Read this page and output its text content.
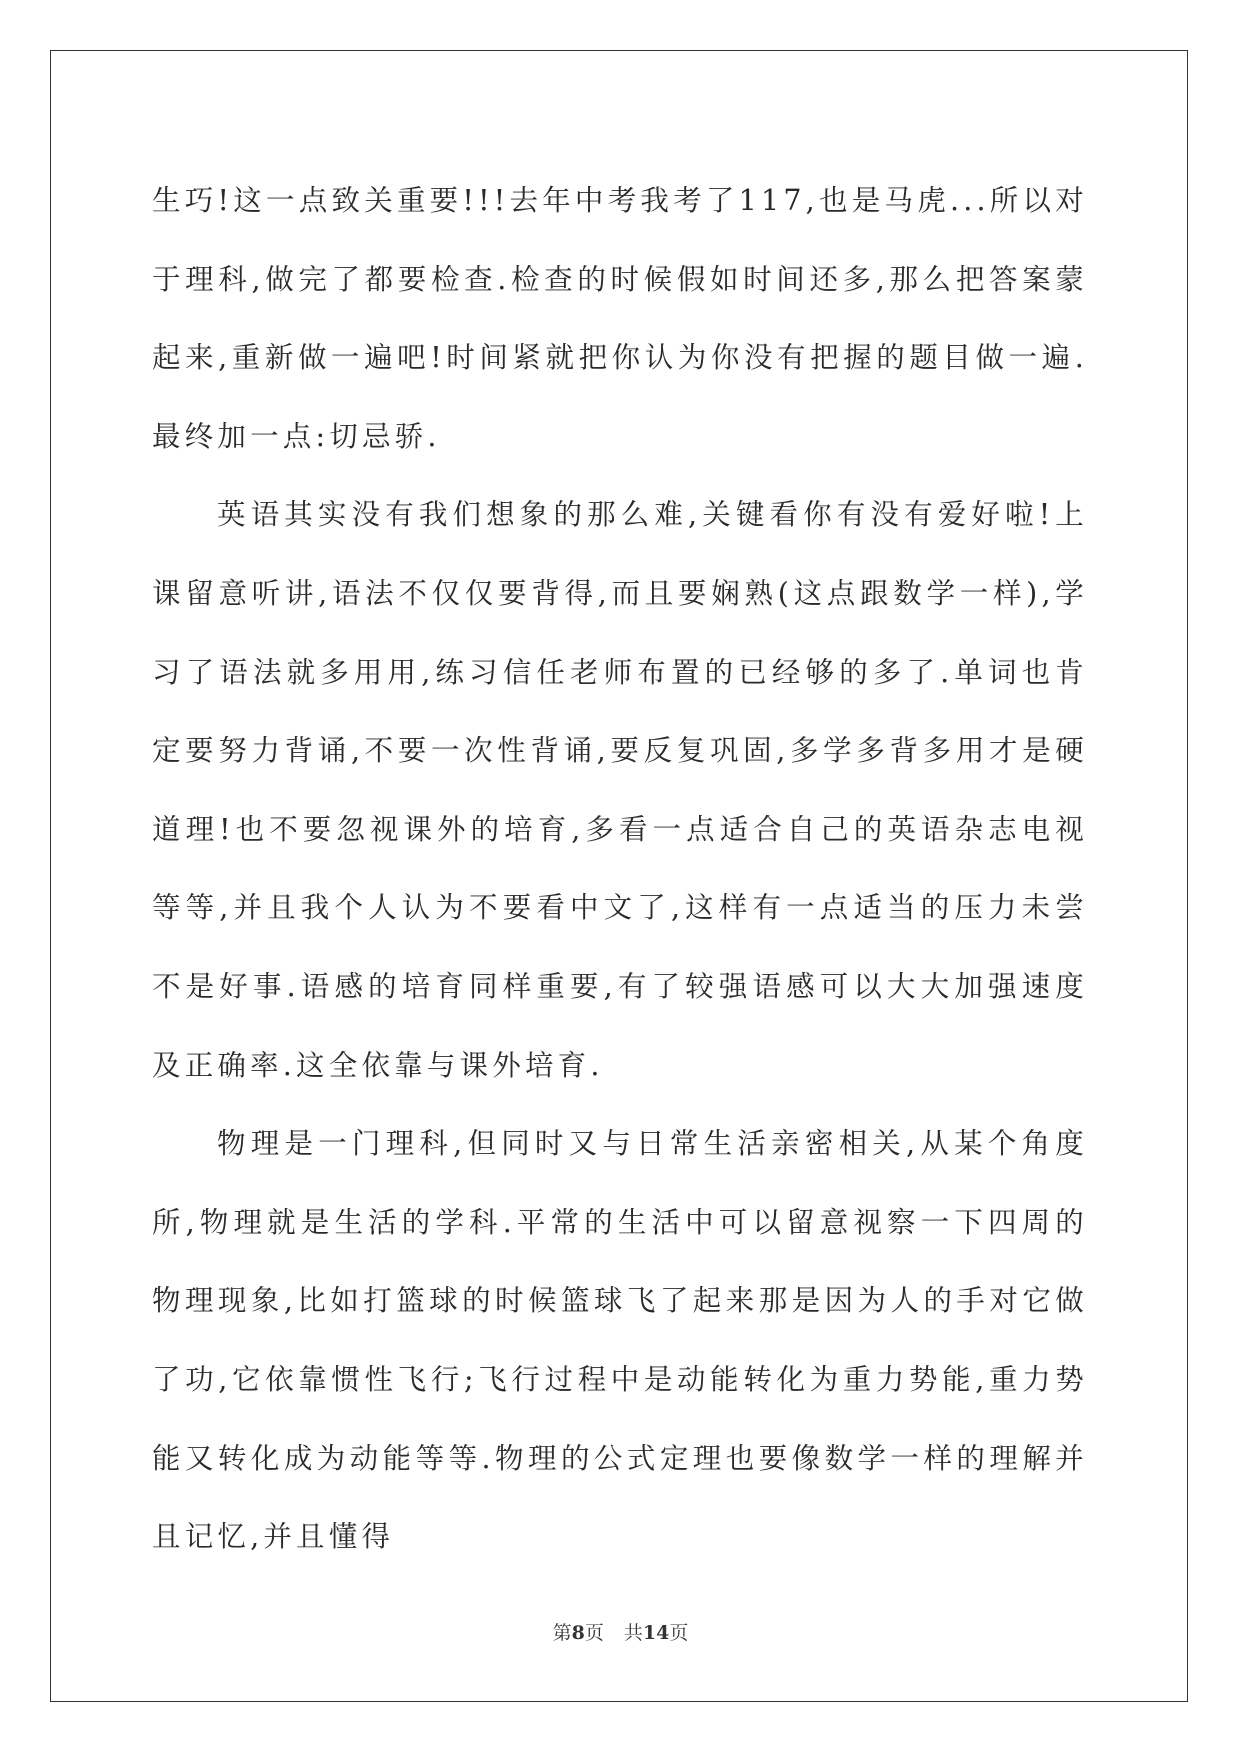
生巧!这一点致关重要!!!去年中考我考了117,也是马虎...所以对于理科,做完了都要检查.检查的时候假如时间还多,那么把答案蒙起来,重新做一遍吧!时间紧就把你认为你没有把握的题目做一遍.最终加一点:切忌骄.

英语其实没有我们想象的那么难,关键看你有没有爱好啦!上课留意听讲,语法不仅仅要背得,而且要娴熟(这点跟数学一样),学习了语法就多用用,练习信任老师布置的已经够的多了.单词也肯定要努力背诵,不要一次性背诵,要反复巩固,多学多背多用才是硬道理!也不要忽视课外的培育,多看一点适合自己的英语杂志电视等等,并且我个人认为不要看中文了,这样有一点适当的压力未尝不是好事.语感的培育同样重要,有了较强语感可以大大加强速度及正确率.这全依靠与课外培育.

物理是一门理科,但同时又与日常生活亲密相关,从某个角度所,物理就是生活的学科.平常的生活中可以留意视察一下四周的物理现象,比如打篮球的时候篮球飞了起来那是因为人的手对它做了功,它依靠惯性飞行;飞行过程中是动能转化为重力势能,重力势能又转化成为动能等等.物理的公式定理也要像数学一样的理解并且记忆,并且懂得

第8页 共14页
